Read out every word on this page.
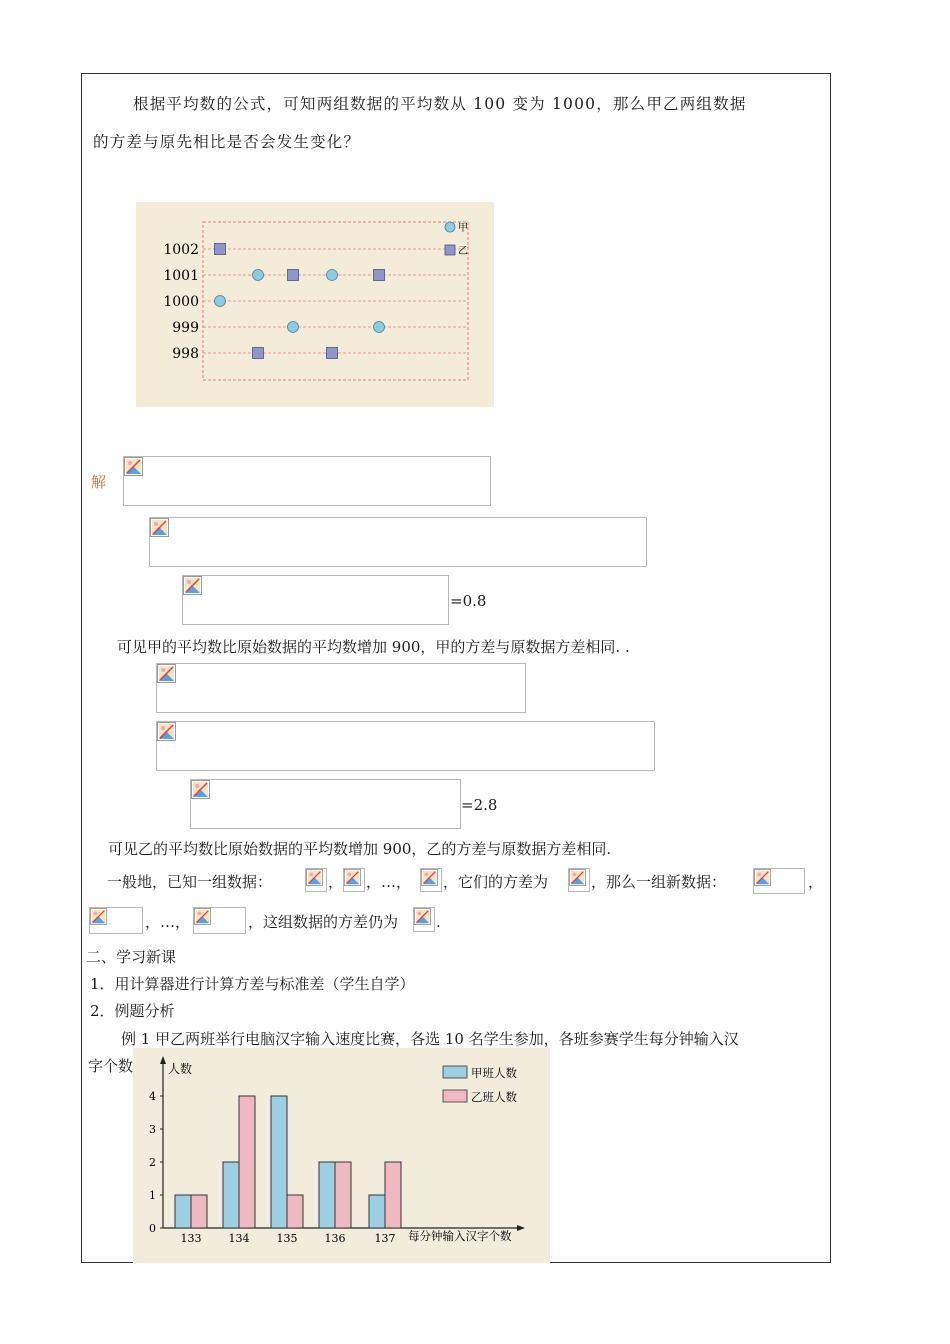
根据平均数的公式，可知两组数据的平均数从 100 变为 1000，那么甲乙两组数据
的方差与原先相比是否会发生变化？
1002
1001
1000
999
998
甲
乙
解
=0.8
可见甲的平均数比原始数据的平均数增加 900，甲的方差与原数据方差相同. .
=2.8
可见乙的平均数比原始数据的平均数增加 900，乙的方差与原数据方差相同.
一般地，已知一组数据：	， ，…， ，它们的方差为	，那么一组新数据：	，
，…，	，这组数据的方差仍为	.
二、学习新课
1．用计算器进行计算方差与标准差（学生自学）
2．例题分析
例 1 甲乙两班举行电脑汉字输入速度比赛，各选 10 名学生参加，各班参赛学生每分钟输入汉
字个数	人数
每分钟输入汉字个数
0
1
2
3
4
133 134 135 136	137
甲班人数
乙班人数
